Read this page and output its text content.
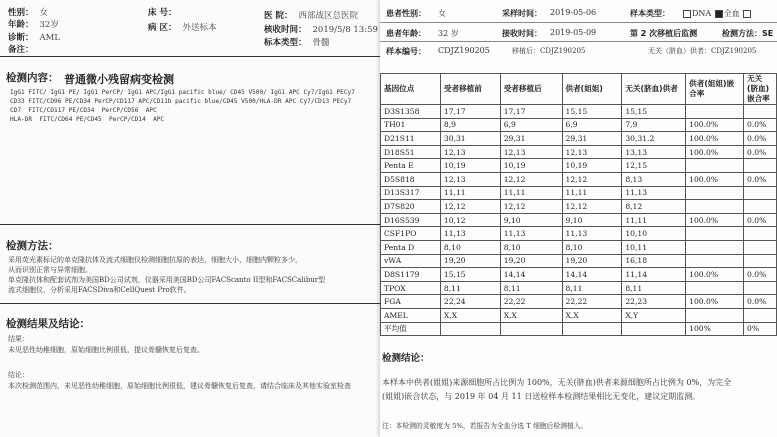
性别： 女	床 号：	医 院： 西部战区总医院
年龄： 32岁	病 区： 外送标本	核收时间： 2019/5/8 13:59
诊断： AML	标本类型： 骨髓
备注：
检测内容： 普通微小残留病变检测
IgG1 FITC/ IgG1 PE/ IgG1 PerCP/ IgG1 APC/IgG1 pacific blue/ CD45 V500/ IgG1 APC Cy7/IgG1 PECy7
CD33 FITC/CD96 PE/CD34 PerCP/CD117 APC/CD11b pacific blue/CD45 V500/HLA-DR APC Cy7/CD13 PECy7
CD7  FITC/CD117 PE/CD34  PerCP/CD56  APC
HLA-DR  FITC/CD64 PE/CD45  PerCP/CD14  APC
检测方法：
采用荧光素标记的单克隆抗体及流式细胞仪检测细胞抗原的表达，细胞大小、细胞内颗粒多少，
从而识别正常与异常细胞。
单克隆抗体和配套试剂为美国BD公司试剂，仪器采用美国BD公司FACScanto II型和FACSCalibur型
流式细胞仪，分析采用FACSDiva和CellQuest Pro软件。
检测结果及结论：
结果：
未见恶性幼稚细胞，原始细胞比例很低，提议骨髓恢复后复查。
结论：
本次检测范围内，未见恶性幼稚细胞，原始细胞比例很低，建议骨髓恢复后复查，请结合临床及其他实验室检查
患者性别： 女	采样时间： 2019-05-06	样本类型：	DNA 全血
患者年龄： 32 岁	接收时间： 2019-05-09	第 2 次移植后监测	检测方法：SE
样本编号： CDJZ190205	移植后：CDJZ190205	无关（脐血）供者：CDJZ190205
基因位点	受者移植前	受者移植后	供者(姐姐)	无关(脐血)供者	供者(姐姐)嵌合率	无关(脐血)嵌合率
D3S1358	17,17	17,17	15,15	15,15		
TH01	8,9	6,9	6,9	7,9	100.0%	0.0%
D21S11	30,31	29,31	29,31	30,31.2	100.0%	0.0%
D18S51	12,13	12,13	12,13	13,13	100.0%	0.0%
Penta E	10,19	10,19	10,19	12,15		
D5S818	12,13	12,12	12,12	8,13	100.0%	0.0%
D13S317	11,11	11,11	11,11	11,13		
D7S820	12,12	12,12	12,12	8,12		
D16S539	10,12	9,10	9,10	11,11	100.0%	0.0%
CSF1PO	11,13	11,13	11,13	10,10		
Penta D	8,10	8,10	8,10	10,11		
vWA	19,20	19,20	19,20	16,18		
D8S1179	15,15	14,14	14,14	11,14	100.0%	0.0%
TPOX	8,11	8,11	8,11	8,11		
FGA	22,24	22,22	22,22	22,23	100.0%	0.0%
AMEL	X,X	X,X	X,X	X,Y		
平均值					100%	0%
检测结论：
本样本中供者(姐姐)来源细胞所占比例为 100%，无关(脐血)供者来源细胞所占比例为 0%，为完全
(姐姐)嵌合状态，与 2019 年 04 月 11 日送检样本检测结果相比无变化，建议定期监测。
注：本检测的灵敏度为 5%，若报告为全血分选 T 细胞后检测植入。
